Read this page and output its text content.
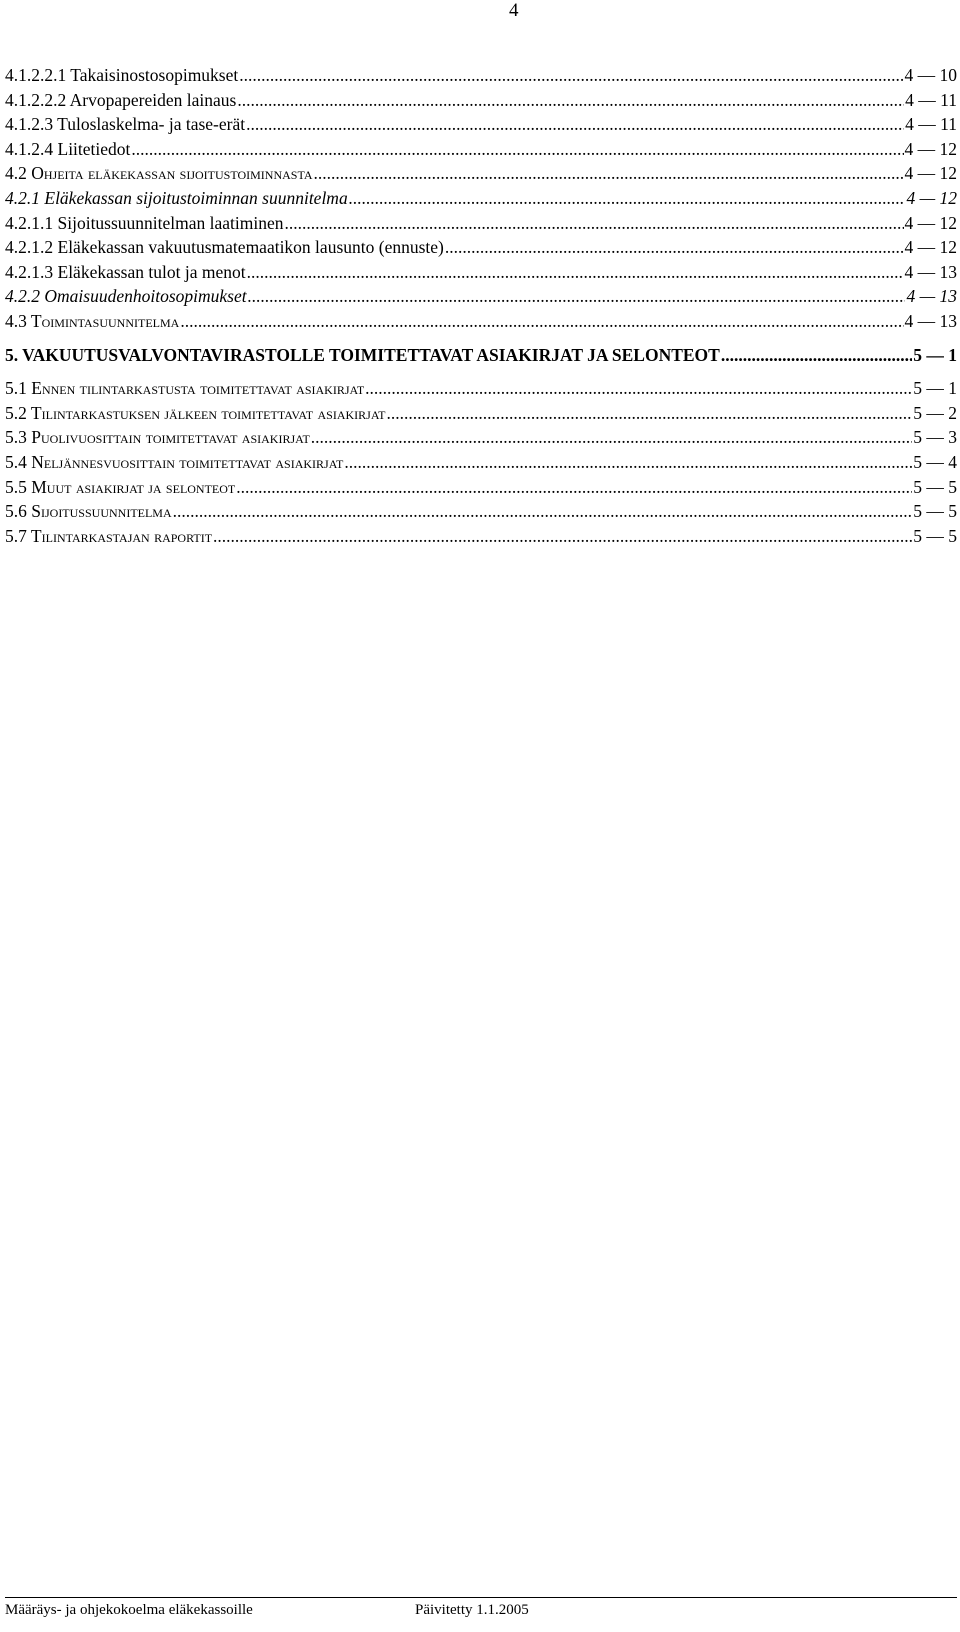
4
4.1.2.2.1 Takaisinostosopimukset .....	4 — 10
4.1.2.2.2 Arvopapereiden lainaus .....	4 — 11
4.1.2.3 Tuloslaskelma- ja tase-erät .....	4 — 11
4.1.2.4 Liitetiedot .....	4 — 12
4.2 Ohjeita eläkekassan sijoitustoiminnasta .....	4 — 12
4.2.1 Eläkekassan sijoitustoiminnan suunnitelma .....	4 — 12
4.2.1.1 Sijoitussuunnitelman laatiminen .....	4 — 12
4.2.1.2 Eläkekassan vakuutusmatemaatikon lausunto (ennuste) .....	4 — 12
4.2.1.3 Eläkekassan tulot ja menot .....	4 — 13
4.2.2 Omaisuudenhoitosopimukset .....	4 — 13
4.3 Toimintasuunnitelma .....	4 — 13
5. VAKUUTUSVALVONTAVIRASTOLLE TOIMITETTAVAT ASIAKIRJAT JA SELONTEOT .....	5 — 1
5.1 Ennen tilintarkastusta toimitettavat asiakirjat .....	5 — 1
5.2 Tilintarkastuksen jälkeen toimitettavat asiakirjat .....	5 — 2
5.3 Puolivuosittain toimitettavat asiakirjat .....	5 — 3
5.4 Neljännesvuosittain toimitettavat asiakirjat .....	5 — 4
5.5 Muut asiakirjat ja selonteot .....	5 — 5
5.6 Sijoitussuunnitelma .....	5 — 5
5.7 Tilintarkastajan raportit .....	5 — 5
Määräys- ja ohjekokoelma eläkekassoille	Päivitetty 1.1.2005
